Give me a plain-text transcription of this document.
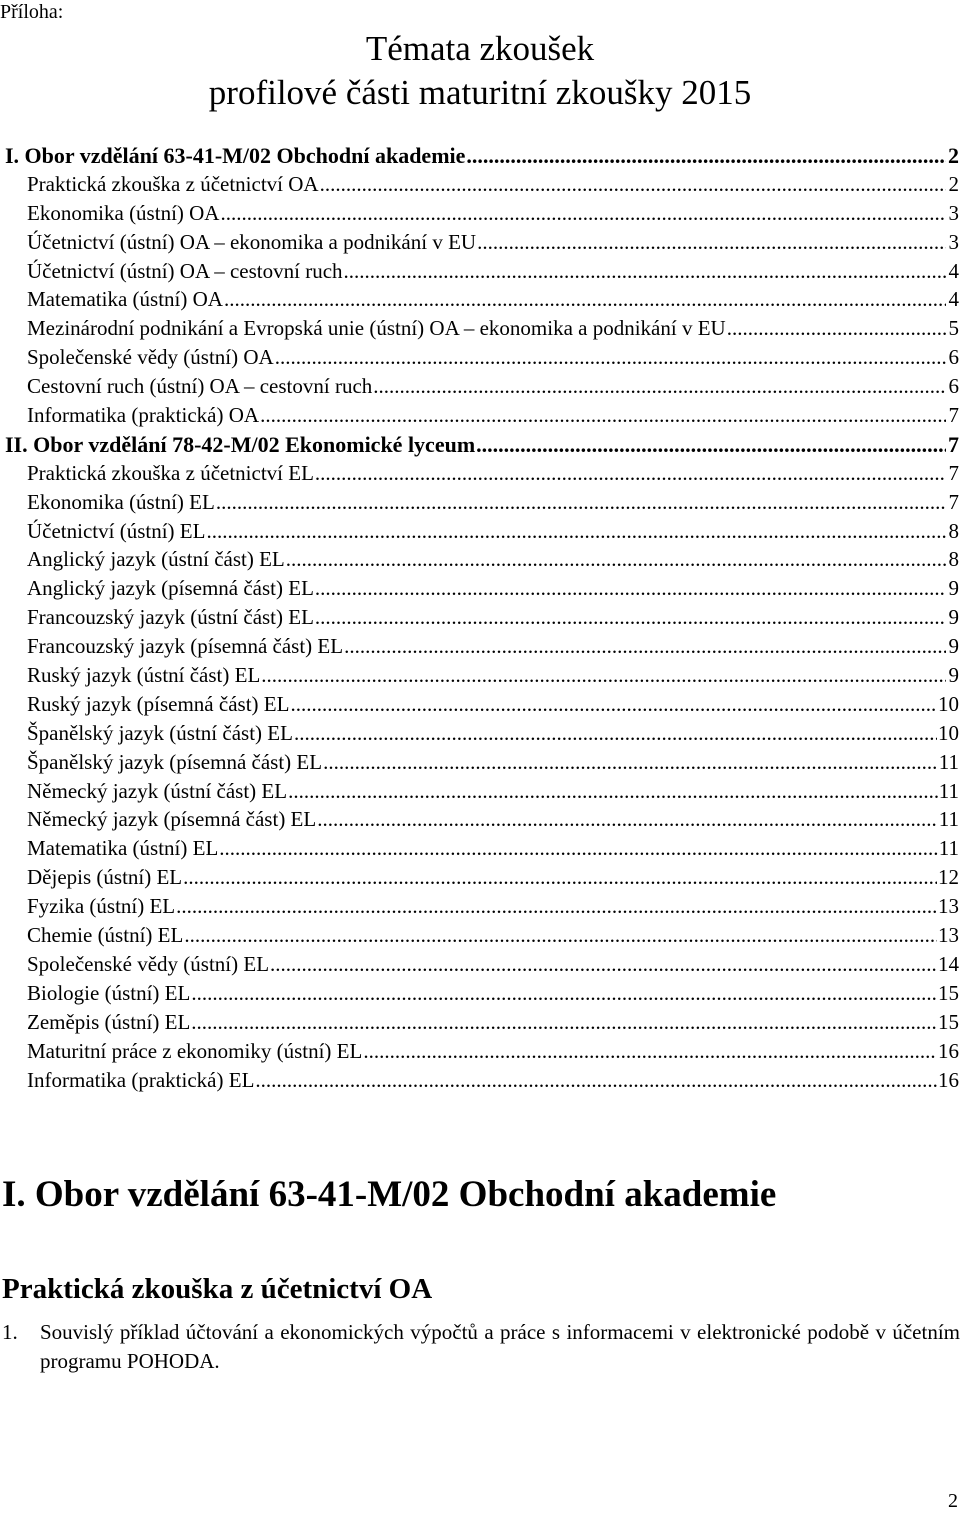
Příloha:
Témata zkoušek
profilové části maturitní zkoušky 2015
I. Obor vzdělání 63-41-M/02 Obchodní akademie .....	2
Praktická zkouška z účetnictví OA .....	2
Ekonomika (ústní) OA .....	3
Účetnictví (ústní) OA – ekonomika a podnikání v EU .....	3
Účetnictví (ústní) OA – cestovní ruch .....	4
Matematika (ústní) OA .....	4
Mezinárodní podnikání a Evropská unie (ústní) OA – ekonomika a podnikání v EU .....	5
Společenské vědy (ústní) OA .....	6
Cestovní ruch (ústní) OA – cestovní ruch .....	6
Informatika (praktická) OA .....	7
II. Obor vzdělání 78-42-M/02 Ekonomické lyceum .....	7
Praktická zkouška z účetnictví EL .....	7
Ekonomika (ústní) EL .....	7
Účetnictví (ústní) EL .....	8
Anglický jazyk (ústní část) EL .....	8
Anglický jazyk (písemná část) EL .....	9
Francouzský jazyk (ústní část) EL .....	9
Francouzský jazyk (písemná část) EL .....	9
Ruský jazyk (ústní část) EL .....	9
Ruský jazyk (písemná část) EL .....	10
Španělský jazyk (ústní část) EL .....	10
Španělský jazyk (písemná část) EL .....	11
Německý jazyk (ústní část) EL .....	11
Německý jazyk (písemná část) EL .....	11
Matematika (ústní) EL .....	11
Dějepis (ústní) EL .....	12
Fyzika (ústní) EL .....	13
Chemie (ústní) EL .....	13
Společenské vědy (ústní) EL .....	14
Biologie (ústní) EL .....	15
Zeměpis (ústní) EL .....	15
Maturitní práce z ekonomiky (ústní) EL .....	16
Informatika (praktická) EL .....	16
I. Obor vzdělání 63-41-M/02 Obchodní akademie
Praktická zkouška z účetnictví OA
1.	Souvislý příklad účtování a ekonomických výpočtů a práce s informacemi v elektronické podobě v účetním programu POHODA.
2
